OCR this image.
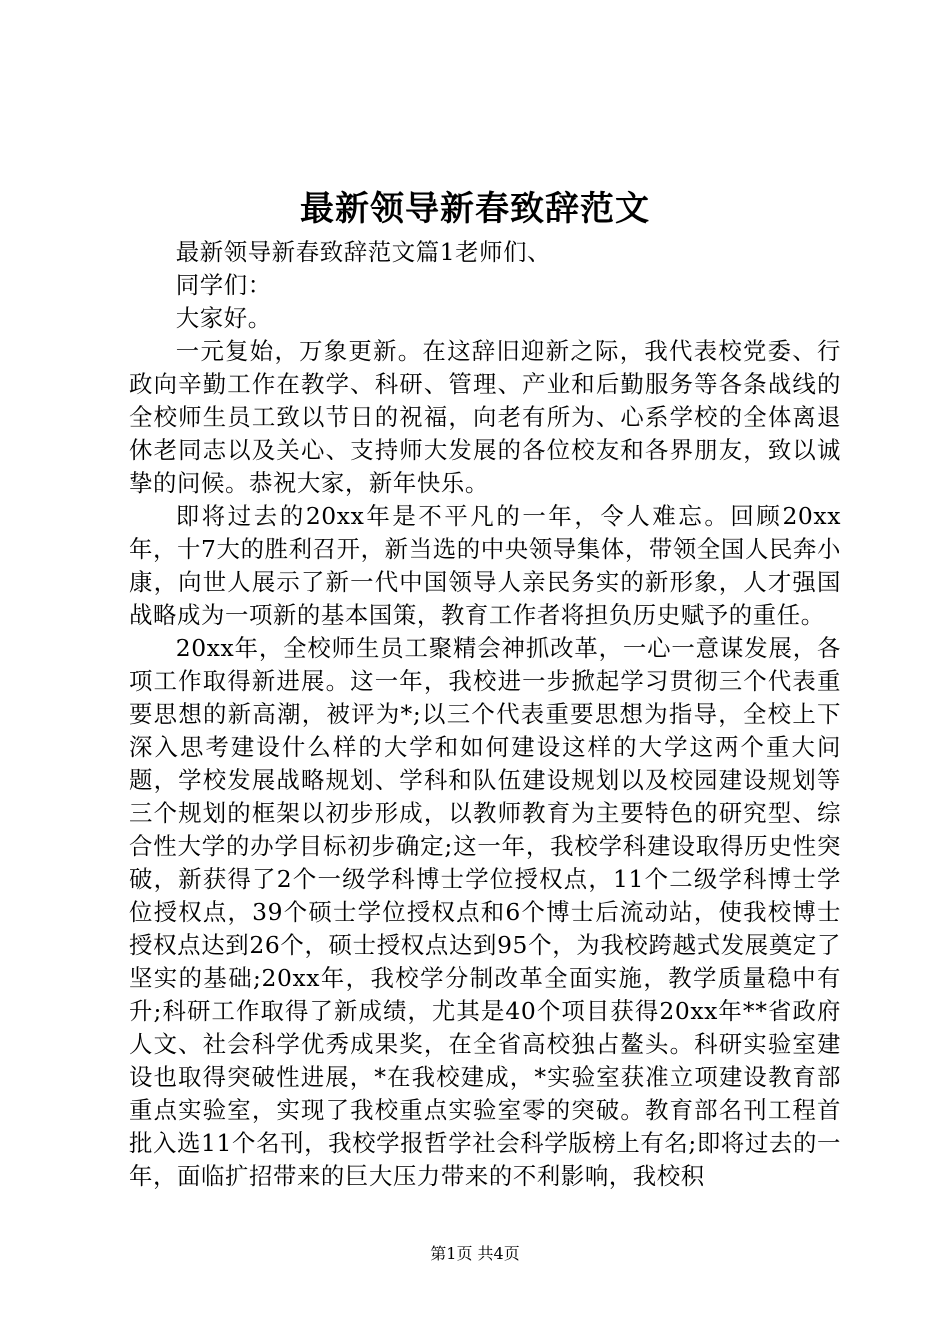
最新领导新春致辞范文

最新领导新春致辞范文篇1老师们、

同学们：

大家好。

一元复始，万象更新。在这辞旧迎新之际，我代表校党委、行政向辛勤工作在教学、科研、管理、产业和后勤服务等各条战线的全校师生员工致以节日的祝福，向老有所为、心系学校的全体离退休老同志以及关心、支持师大发展的各位校友和各界朋友，致以诚挚的问候。恭祝大家，新年快乐。

即将过去的20xx年是不平凡的一年，令人难忘。回顾20xx年，十7大的胜利召开，新当选的中央领导集体，带领全国人民奔小康，向世人展示了新一代中国领导人亲民务实的新形象，人才强国战略成为一项新的基本国策，教育工作者将担负历史赋予的重任。

20xx年，全校师生员工聚精会神抓改革，一心一意谋发展，各项工作取得新进展。这一年，我校进一步掀起学习贯彻三个代表重要思想的新高潮，被评为*;以三个代表重要思想为指导，全校上下深入思考建设什么样的大学和如何建设这样的大学这两个重大问题，学校发展战略规划、学科和队伍建设规划以及校园建设规划等三个规划的框架以初步形成，以教师教育为主要特色的研究型、综合性大学的办学目标初步确定;这一年，我校学科建设取得历史性突破，新获得了2个一级学科博士学位授权点，11个二级学科博士学位授权点，39个硕士学位授权点和6个博士后流动站，使我校博士授权点达到26个，硕士授权点达到95个，为我校跨越式发展奠定了坚实的基础;20xx年，我校学分制改革全面实施，教学质量稳中有升;科研工作取得了新成绩，尤其是40个项目获得20xx年**省政府人文、社会科学优秀成果奖，在全省高校独占鳌头。科研实验室建设也取得突破性进展，*在我校建成，*实验室获准立项建设教育部重点实验室，实现了我校重点实验室零的突破。教育部名刊工程首批入选11个名刊，我校学报哲学社会科学版榜上有名;即将过去的一年，面临扩招带来的巨大压力带来的不利影响，我校积

第1页 共4页
